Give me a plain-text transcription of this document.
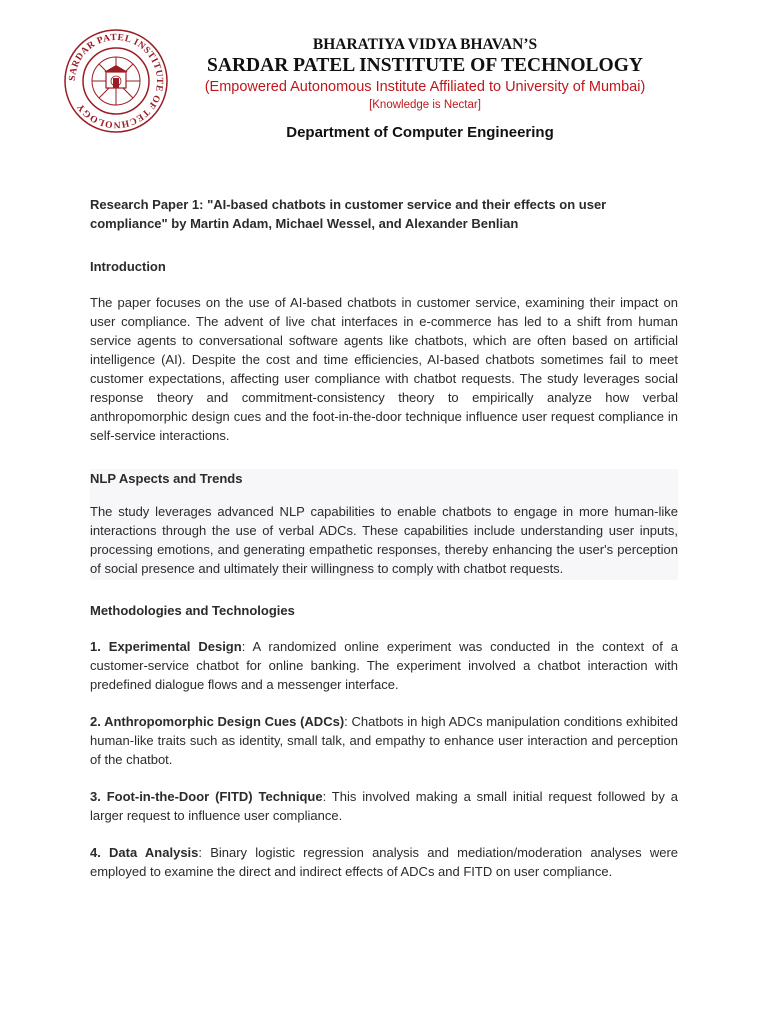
SARDAR PATEL INSTITUTE OF TECHNOLOGY
BHARATIYA VIDYA BHAVAN’S
SARDAR PATEL INSTITUTE OF TECHNOLOGY
(Empowered Autonomous Institute Affiliated to University of Mumbai)
[Knowledge is Nectar]
Department of Computer Engineering

Research Paper 1: "AI-based chatbots in customer service and their effects on user compliance" by Martin Adam, Michael Wessel, and Alexander Benlian

Introduction

The paper focuses on the use of AI-based chatbots in customer service, examining their impact on user compliance. The advent of live chat interfaces in e-commerce has led to a shift from human service agents to conversational software agents like chatbots, which are often based on artificial intelligence (AI). Despite the cost and time efficiencies, AI-based chatbots sometimes fail to meet customer expectations, affecting user compliance with chatbot requests. The study leverages social response theory and commitment-consistency theory to empirically analyze how verbal anthropomorphic design cues and the foot-in-the-door technique influence user request compliance in self-service interactions.

NLP Aspects and Trends

The study leverages advanced NLP capabilities to enable chatbots to engage in more human-like interactions through the use of verbal ADCs. These capabilities include understanding user inputs, processing emotions, and generating empathetic responses, thereby enhancing the user's perception of social presence and ultimately their willingness to comply with chatbot requests.

Methodologies and Technologies

1. Experimental Design: A randomized online experiment was conducted in the context of a customer-service chatbot for online banking. The experiment involved a chatbot interaction with predefined dialogue flows and a messenger interface.

2. Anthropomorphic Design Cues (ADCs): Chatbots in high ADCs manipulation conditions exhibited human-like traits such as identity, small talk, and empathy to enhance user interaction and perception of the chatbot.

3. Foot-in-the-Door (FITD) Technique: This involved making a small initial request followed by a larger request to influence user compliance.

4. Data Analysis: Binary logistic regression analysis and mediation/moderation analyses were employed to examine the direct and indirect effects of ADCs and FITD on user compliance.
